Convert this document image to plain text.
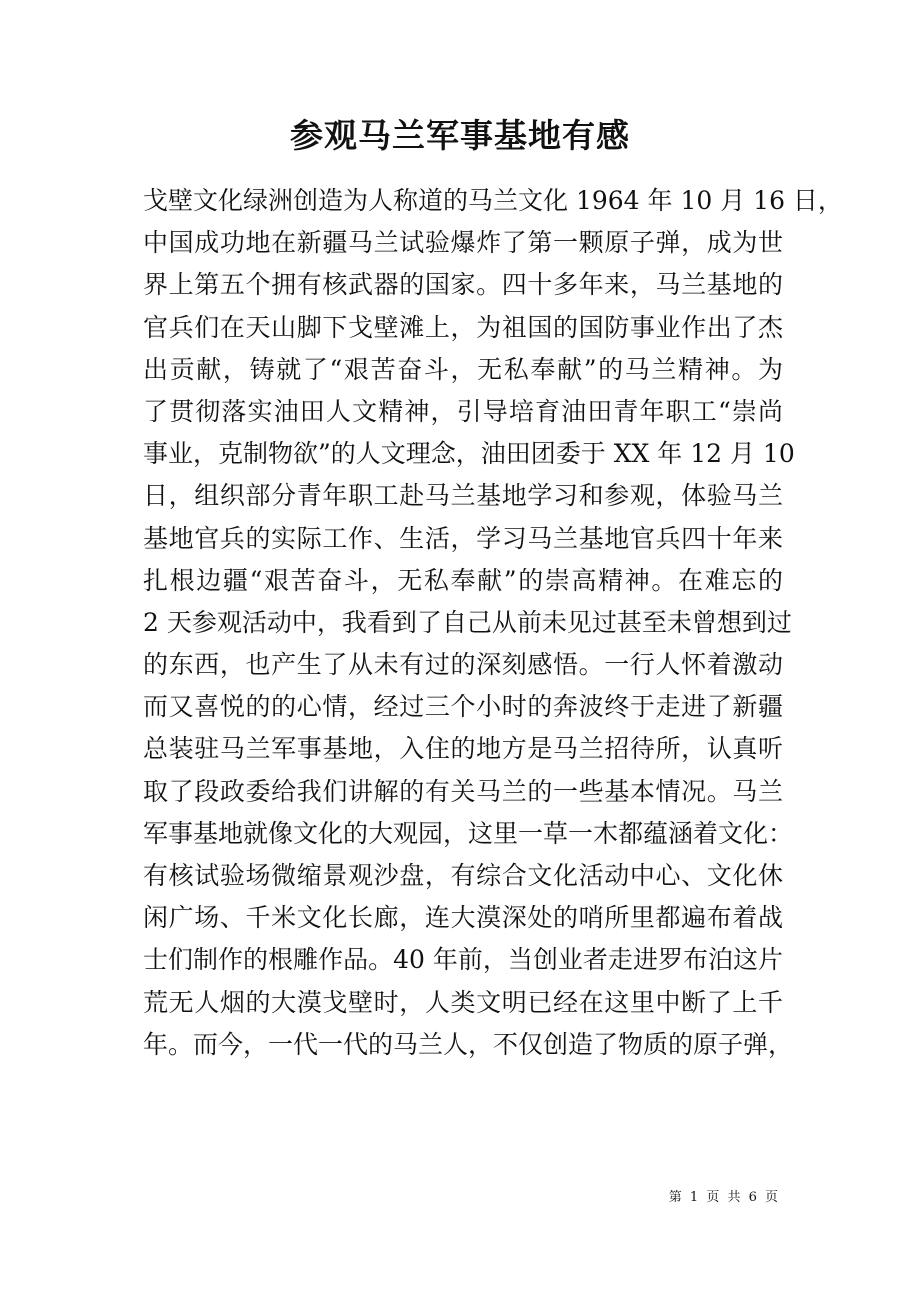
参观马兰军事基地有感
戈壁文化绿洲创造为人称道的马兰文化 1964 年 10 月 16 日，
中国成功地在新疆马兰试验爆炸了第一颗原子弹，成为世
界上第五个拥有核武器的国家。四十多年来，马兰基地的
官兵们在天山脚下戈壁滩上，为祖国的国防事业作出了杰
出贡献，铸就了“艰苦奋斗，无私奉献”的马兰精神。为
了贯彻落实油田人文精神，引导培育油田青年职工“崇尚
事业，克制物欲”的人文理念，油田团委于 XX 年 12 月 10
日，组织部分青年职工赴马兰基地学习和参观，体验马兰
基地官兵的实际工作、生活，学习马兰基地官兵四十年来
扎根边疆“艰苦奋斗，无私奉献”的崇高精神。在难忘的
2 天参观活动中，我看到了自己从前未见过甚至未曾想到过
的东西，也产生了从未有过的深刻感悟。一行人怀着激动
而又喜悦的的心情，经过三个小时的奔波终于走进了新疆
总装驻马兰军事基地，入住的地方是马兰招待所，认真听
取了段政委给我们讲解的有关马兰的一些基本情况。马兰
军事基地就像文化的大观园，这里一草一木都蕴涵着文化：
有核试验场微缩景观沙盘，有综合文化活动中心、文化休
闲广场、千米文化长廊，连大漠深处的哨所里都遍布着战
士们制作的根雕作品。40 年前，当创业者走进罗布泊这片
荒无人烟的大漠戈壁时，人类文明已经在这里中断了上千
年。而今，一代一代的马兰人，不仅创造了物质的原子弹，
第 1 页 共 6 页
